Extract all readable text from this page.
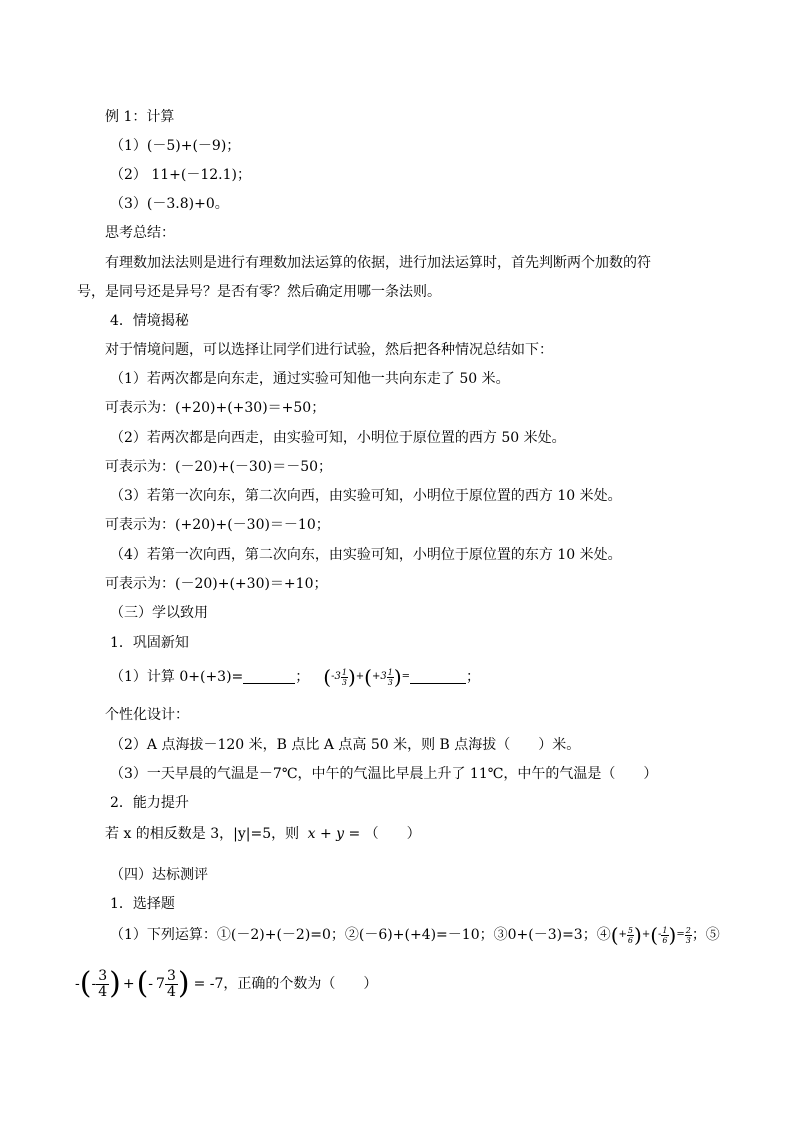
例 1：计算
（1）(－5)+(－9)；
（2） 11+(－12.1)；
（3）(－3.8)+0。
思考总结：
有理数加法法则是进行有理数加法运算的依据，进行加法运算时，首先判断两个加数的符
号，是同号还是异号？是否有零？然后确定用哪一条法则。
4．情境揭秘
对于情境问题，可以选择让同学们进行试验，然后把各种情况总结如下：
（1）若两次都是向东走，通过实验可知他一共向东走了 50 米。
可表示为：(+20)+(+30)＝+50；
（2）若两次都是向西走，由实验可知，小明位于原位置的西方 50 米处。
可表示为：(－20)+(－30)＝－50；
（3）若第一次向东，第二次向西，由实验可知，小明位于原位置的西方 10 米处。
可表示为：(+20)+(－30)＝－10；
（4）若第一次向西，第二次向东，由实验可知，小明位于原位置的东方 10 米处。
可表示为：(－20)+(+30)＝+10；
（三）学以致用
1．巩固新知
（1）计算 0+(+3)=	； ( - $3 \frac{1}{3}$ ) + ( + $3 \frac{1}{3}$ ) =	；
个性化设计：
（2）A 点海拔－120 米，B 点比 A 点高 50 米，则 B 点海拔（　　）米。
（3）一天早晨的气温是－7℃，中午的气温比早晨上升了 11℃，中午的气温是（　　）
2．能力提升
若 x 的相反数是 3，|y|=5，则 x + y = （　　）
（四）达标测评
1．选择题
（1）下列运算：①(－2)+(－2)=0；②(－6)+(+4)=－10；③0+(－3)=3；④ ( + $\frac{5}{6}$ ) + ( - $\frac{1}{6}$ ) = $\frac{2}{3}$ ；⑤
- ( - $\frac{3}{4}$ ) + ( - $7 \frac{3}{4}$ ) = -7 ，正确的个数为（　　）
